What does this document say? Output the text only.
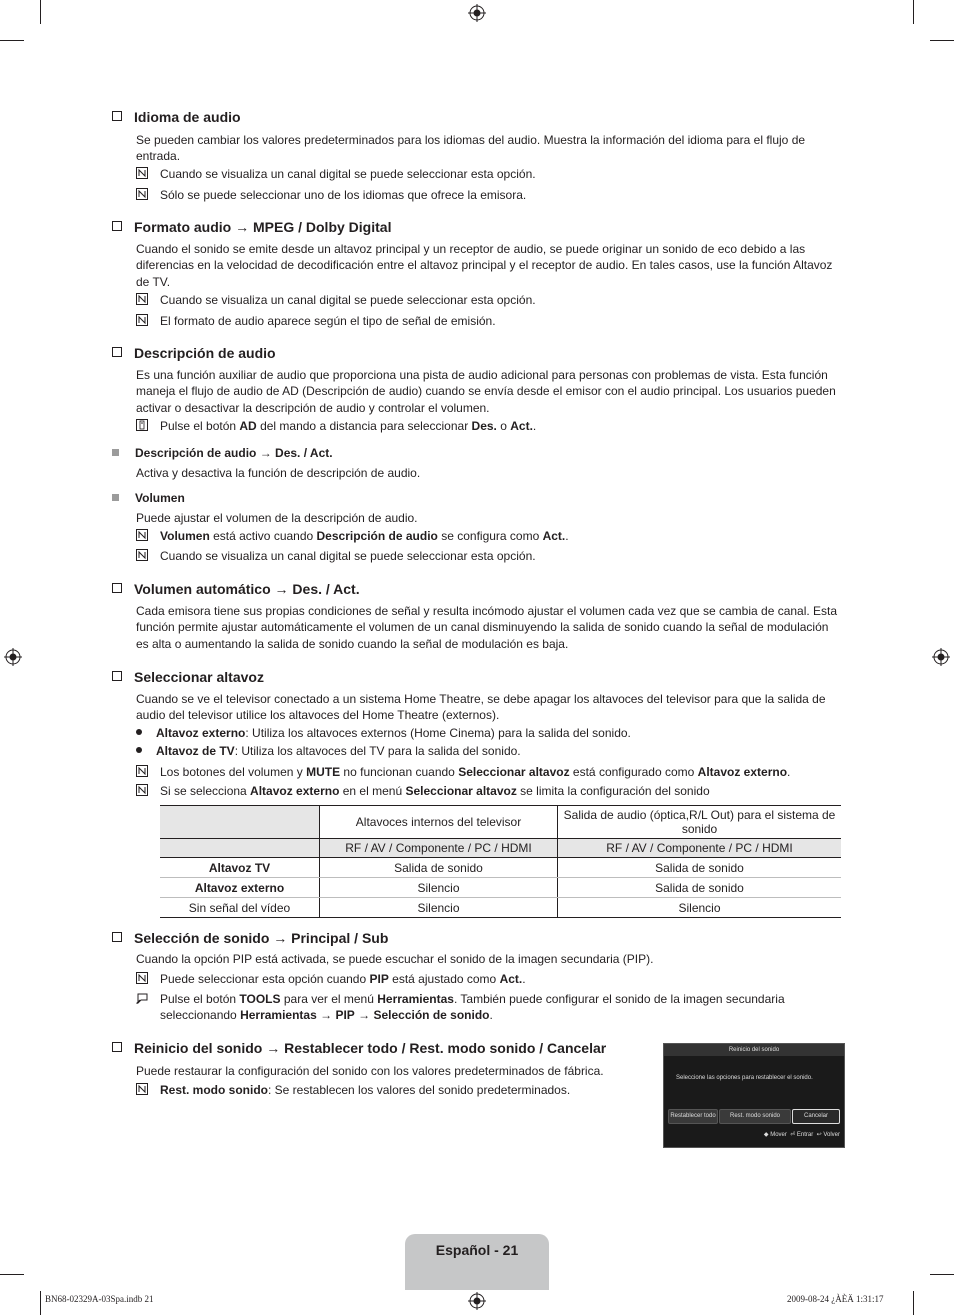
Idioma de audio
Se pueden cambiar los valores predeterminados para los idiomas del audio. Muestra la información del idioma para el flujo de entrada.
Cuando se visualiza un canal digital se puede seleccionar esta opción.
Sólo se puede seleccionar uno de los idiomas que ofrece la emisora.
Formato audio → MPEG / Dolby Digital
Cuando el sonido se emite desde un altavoz principal y un receptor de audio, se puede originar un sonido de eco debido a las diferencias en la velocidad de decodificación entre el altavoz principal y el receptor de audio. En tales casos, use la función Altavoz de TV.
Cuando se visualiza un canal digital se puede seleccionar esta opción.
El formato de audio aparece según el tipo de señal de emisión.
Descripción de audio
Es una función auxiliar de audio que proporciona una pista de audio adicional para personas con problemas de vista. Esta función maneja el flujo de audio de AD (Descripción de audio) cuando se envía desde el emisor con el audio principal. Los usuarios pueden activar o desactivar la descripción de audio y controlar el volumen.
Pulse el botón AD del mando a distancia para seleccionar Des. o Act..
Descripción de audio → Des. / Act.
Activa y desactiva la función de descripción de audio.
Volumen
Puede ajustar el volumen de la descripción de audio.
Volumen está activo cuando Descripción de audio se configura como Act..
Cuando se visualiza un canal digital se puede seleccionar esta opción.
Volumen automático → Des. / Act.
Cada emisora tiene sus propias condiciones de señal y resulta incómodo ajustar el volumen cada vez que se cambia de canal. Esta función permite ajustar automáticamente el volumen de un canal disminuyendo la salida de sonido cuando la señal de modulación es alta o aumentando la salida de sonido cuando la señal de modulación es baja.
Seleccionar altavoz
Cuando se ve el televisor conectado a un sistema Home Theatre, se debe apagar los altavoces del televisor para que la salida de audio del televisor utilice los altavoces del Home Theatre (externos).
Altavoz externo: Utiliza los altavoces externos (Home Cinema) para la salida del sonido.
Altavoz de TV: Utiliza los altavoces del TV para la salida del sonido.
Los botones del volumen y MUTE no funcionan cuando Seleccionar altavoz está configurado como Altavoz externo.
Si se selecciona Altavoz externo en el menú Seleccionar altavoz se limita la configuración del sonido
	Altavoces internos del televisor	Salida de audio (óptica,R/L Out) para el sistema de sonido
	RF / AV / Componente / PC / HDMI	RF / AV / Componente / PC / HDMI
Altavoz TV	Salida de sonido	Salida de sonido
Altavoz externo	Silencio	Salida de sonido
Sin señal del vídeo	Silencio	Silencio
Selección de sonido → Principal / Sub
Cuando la opción PIP está activada, se puede escuchar el sonido de la imagen secundaria (PIP).
Puede seleccionar esta opción cuando PIP está ajustado como Act..
Pulse el botón TOOLS para ver el menú Herramientas. También puede configurar el sonido de la imagen secundaria seleccionando Herramientas → PIP → Selección de sonido.
Reinicio del sonido → Restablecer todo / Rest. modo sonido / Cancelar
Puede restaurar la configuración del sonido con los valores predeterminados de fábrica.
Rest. modo sonido: Se restablecen los valores del sonido predeterminados.
Reinicio del sonido
Seleccione las opciones para restablecer el sonido.
Restablecer todo	Rest. modo sonido	Cancelar
◆ Mover ⏎ Entrar ↩ Volver
Español - 21
BN68-02329A-03Spa.indb 21	2009-08-24 ¿ÀÈÄ 1:31:17
